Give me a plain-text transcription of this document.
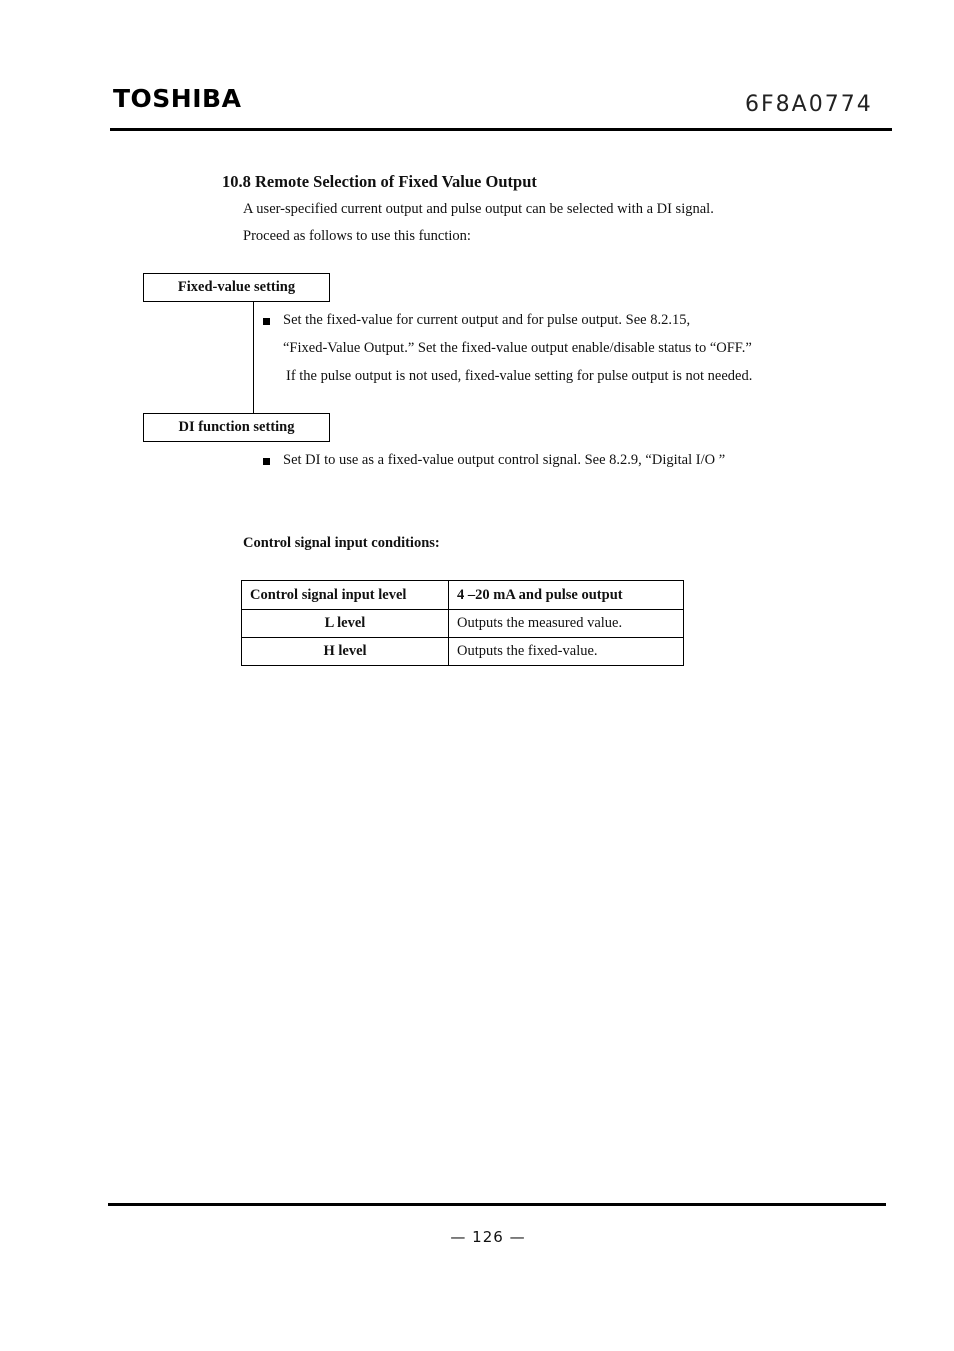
TOSHIBA	6F8A0774
10.8 Remote Selection of Fixed Value Output
A user-specified current output and pulse output can be selected with a DI signal.
Proceed as follows to use this function:
Fixed-value setting
Set the fixed-value for current output and for pulse output. See 8.2.15,
“Fixed-Value Output.” Set the fixed-value output enable/disable status to “OFF.”
If the pulse output is not used, fixed-value setting for pulse output is not needed.
DI function setting
Set DI to use as a fixed-value output control signal. See 8.2.9, “Digital I/O ”
Control signal input conditions:
Control signal input level	4 –20 mA and pulse output
L level	Outputs the measured value.
H level	Outputs the fixed-value.
— 126 —
